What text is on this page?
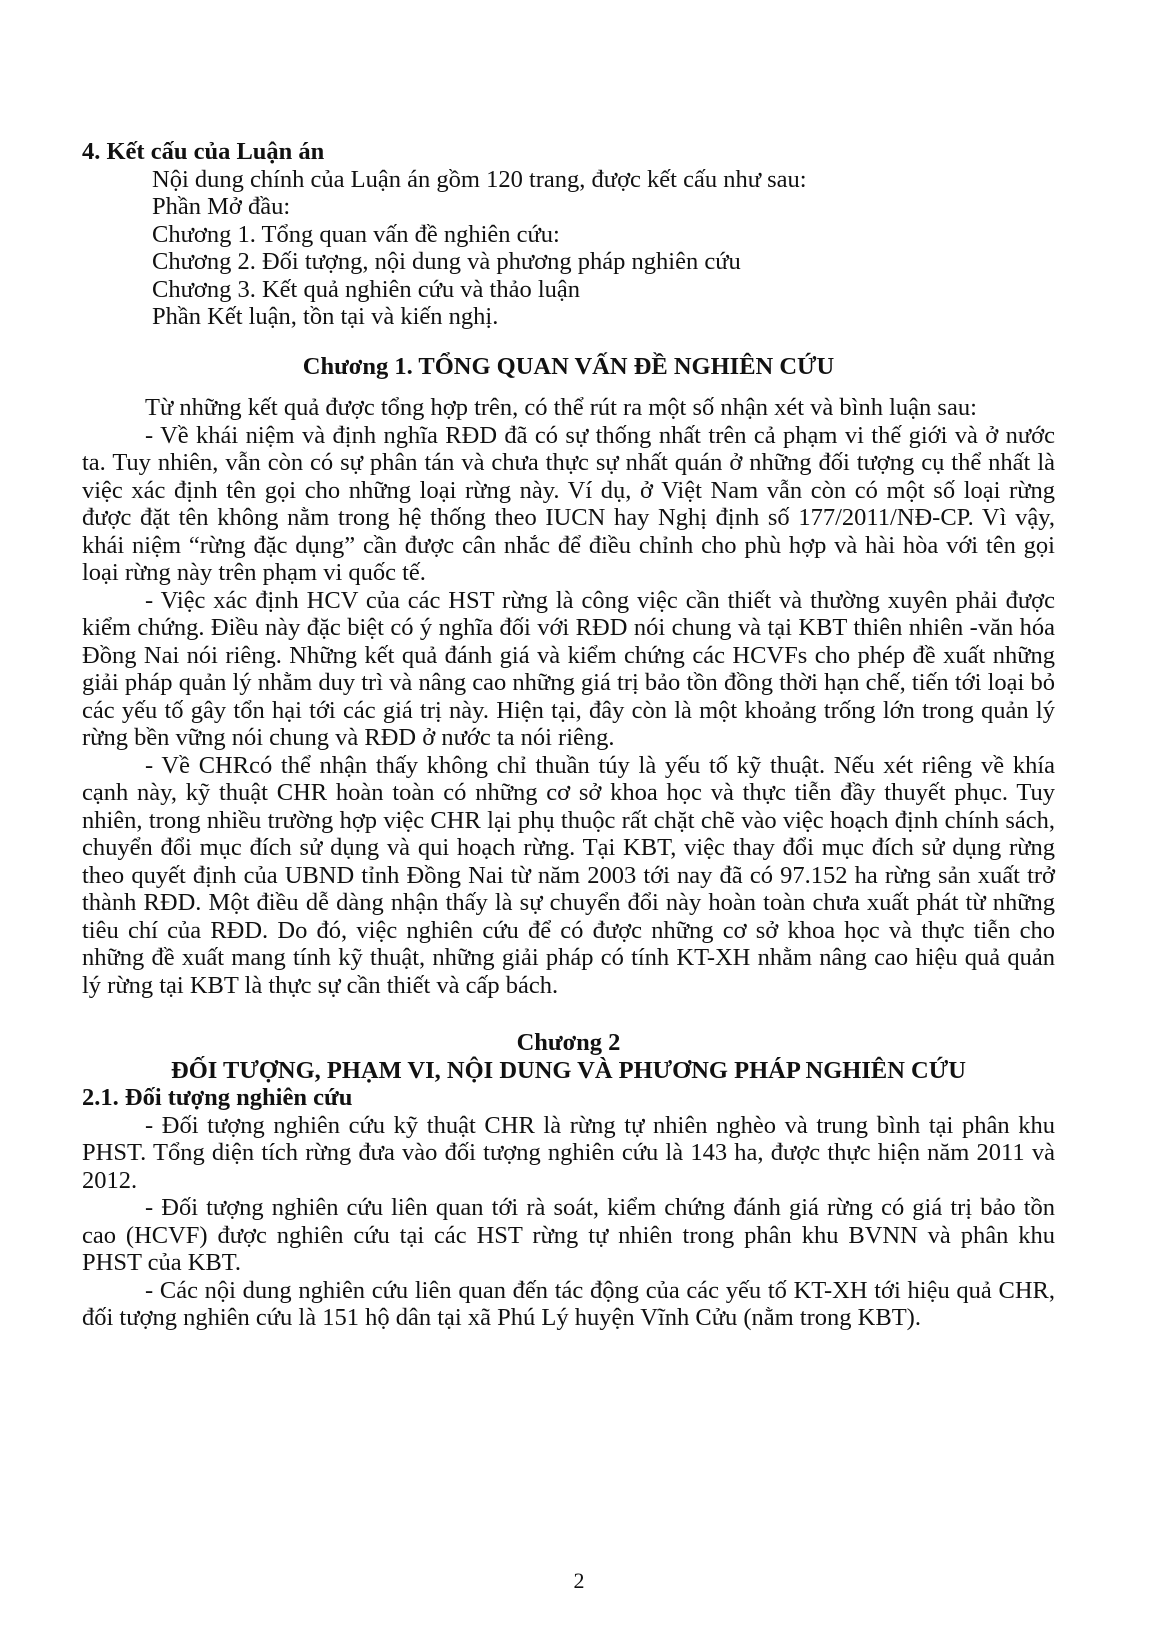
4. Kết cấu của Luận án

Nội dung chính của Luận án gồm 120 trang, được kết cấu như sau:

Phần Mở đầu:

Chương 1. Tổng quan vấn đề nghiên cứu:

Chương 2. Đối tượng, nội dung và phương pháp nghiên cứu

Chương 3. Kết quả nghiên cứu và thảo luận

Phần Kết luận, tồn tại và kiến nghị.

Chương 1. TỔNG QUAN VẤN ĐỀ NGHIÊN CỨU

Từ những kết quả được tổng hợp trên, có thể rút ra một số nhận xét và bình luận sau:

- Về khái niệm và định nghĩa RĐD đã có sự thống nhất trên cả phạm vi thế giới và ở nước ta. Tuy nhiên, vẫn còn có sự phân tán và chưa thực sự nhất quán ở những đối tượng cụ thể nhất là việc xác định tên gọi cho những loại rừng này. Ví dụ, ở Việt Nam vẫn còn có một số loại rừng được đặt tên không nằm trong hệ thống theo IUCN hay Nghị định số 177/2011/NĐ-CP. Vì vậy, khái niệm “rừng đặc dụng” cần được cân nhắc để điều chỉnh cho phù hợp và hài hòa với tên gọi loại rừng này trên phạm vi quốc tế.

- Việc xác định HCV của các HST rừng là công việc cần thiết và thường xuyên phải được kiểm chứng. Điều này đặc biệt có ý nghĩa đối với RĐD nói chung và tại KBT thiên nhiên -văn hóa Đồng Nai nói riêng. Những kết quả đánh giá và kiểm chứng các HCVFs cho phép đề xuất những giải pháp quản lý nhằm duy trì và nâng cao những giá trị bảo tồn đồng thời hạn chế, tiến tới loại bỏ các yếu tố gây tổn hại tới các giá trị này. Hiện tại, đây còn là một khoảng trống lớn trong quản lý rừng bền vững nói chung và RĐD ở nước ta nói riêng.

- Về CHRcó thể nhận thấy không chỉ thuần túy là yếu tố kỹ thuật. Nếu xét riêng về khía cạnh này, kỹ thuật CHR hoàn toàn có những cơ sở khoa học và thực tiễn đầy thuyết phục. Tuy nhiên, trong nhiều trường hợp việc CHR lại phụ thuộc rất chặt chẽ vào việc hoạch định chính sách, chuyển đổi mục đích sử dụng và qui hoạch rừng. Tại KBT, việc thay đổi mục đích sử dụng rừng theo quyết định của UBND tỉnh Đồng Nai từ năm 2003 tới nay đã có 97.152 ha rừng sản xuất trở thành RĐD. Một điều dễ dàng nhận thấy là sự chuyển đổi này hoàn toàn chưa xuất phát từ những tiêu chí của RĐD. Do đó, việc nghiên cứu để có được những cơ sở khoa học và thực tiễn cho những đề xuất mang tính kỹ thuật, những giải pháp có tính KT-XH nhằm nâng cao hiệu quả quản lý rừng tại KBT là thực sự cần thiết và cấp bách.

Chương 2

ĐỐI TƯỢNG, PHẠM VI, NỘI DUNG VÀ PHƯƠNG PHÁP NGHIÊN CỨU

2.1. Đối tượng nghiên cứu

- Đối tượng nghiên cứu kỹ thuật CHR là rừng tự nhiên nghèo và trung bình tại phân khu PHST. Tổng diện tích rừng đưa vào đối tượng nghiên cứu là 143 ha, được thực hiện năm 2011 và 2012.

- Đối tượng nghiên cứu liên quan tới rà soát, kiểm chứng đánh giá rừng có giá trị bảo tồn cao (HCVF) được nghiên cứu tại các HST rừng tự nhiên trong phân khu BVNN và phân khu PHST của KBT.

- Các nội dung nghiên cứu liên quan đến tác động của các yếu tố KT-XH tới hiệu quả CHR, đối tượng nghiên cứu là 151 hộ dân tại xã Phú Lý huyện Vĩnh Cửu (nằm trong KBT).

2
